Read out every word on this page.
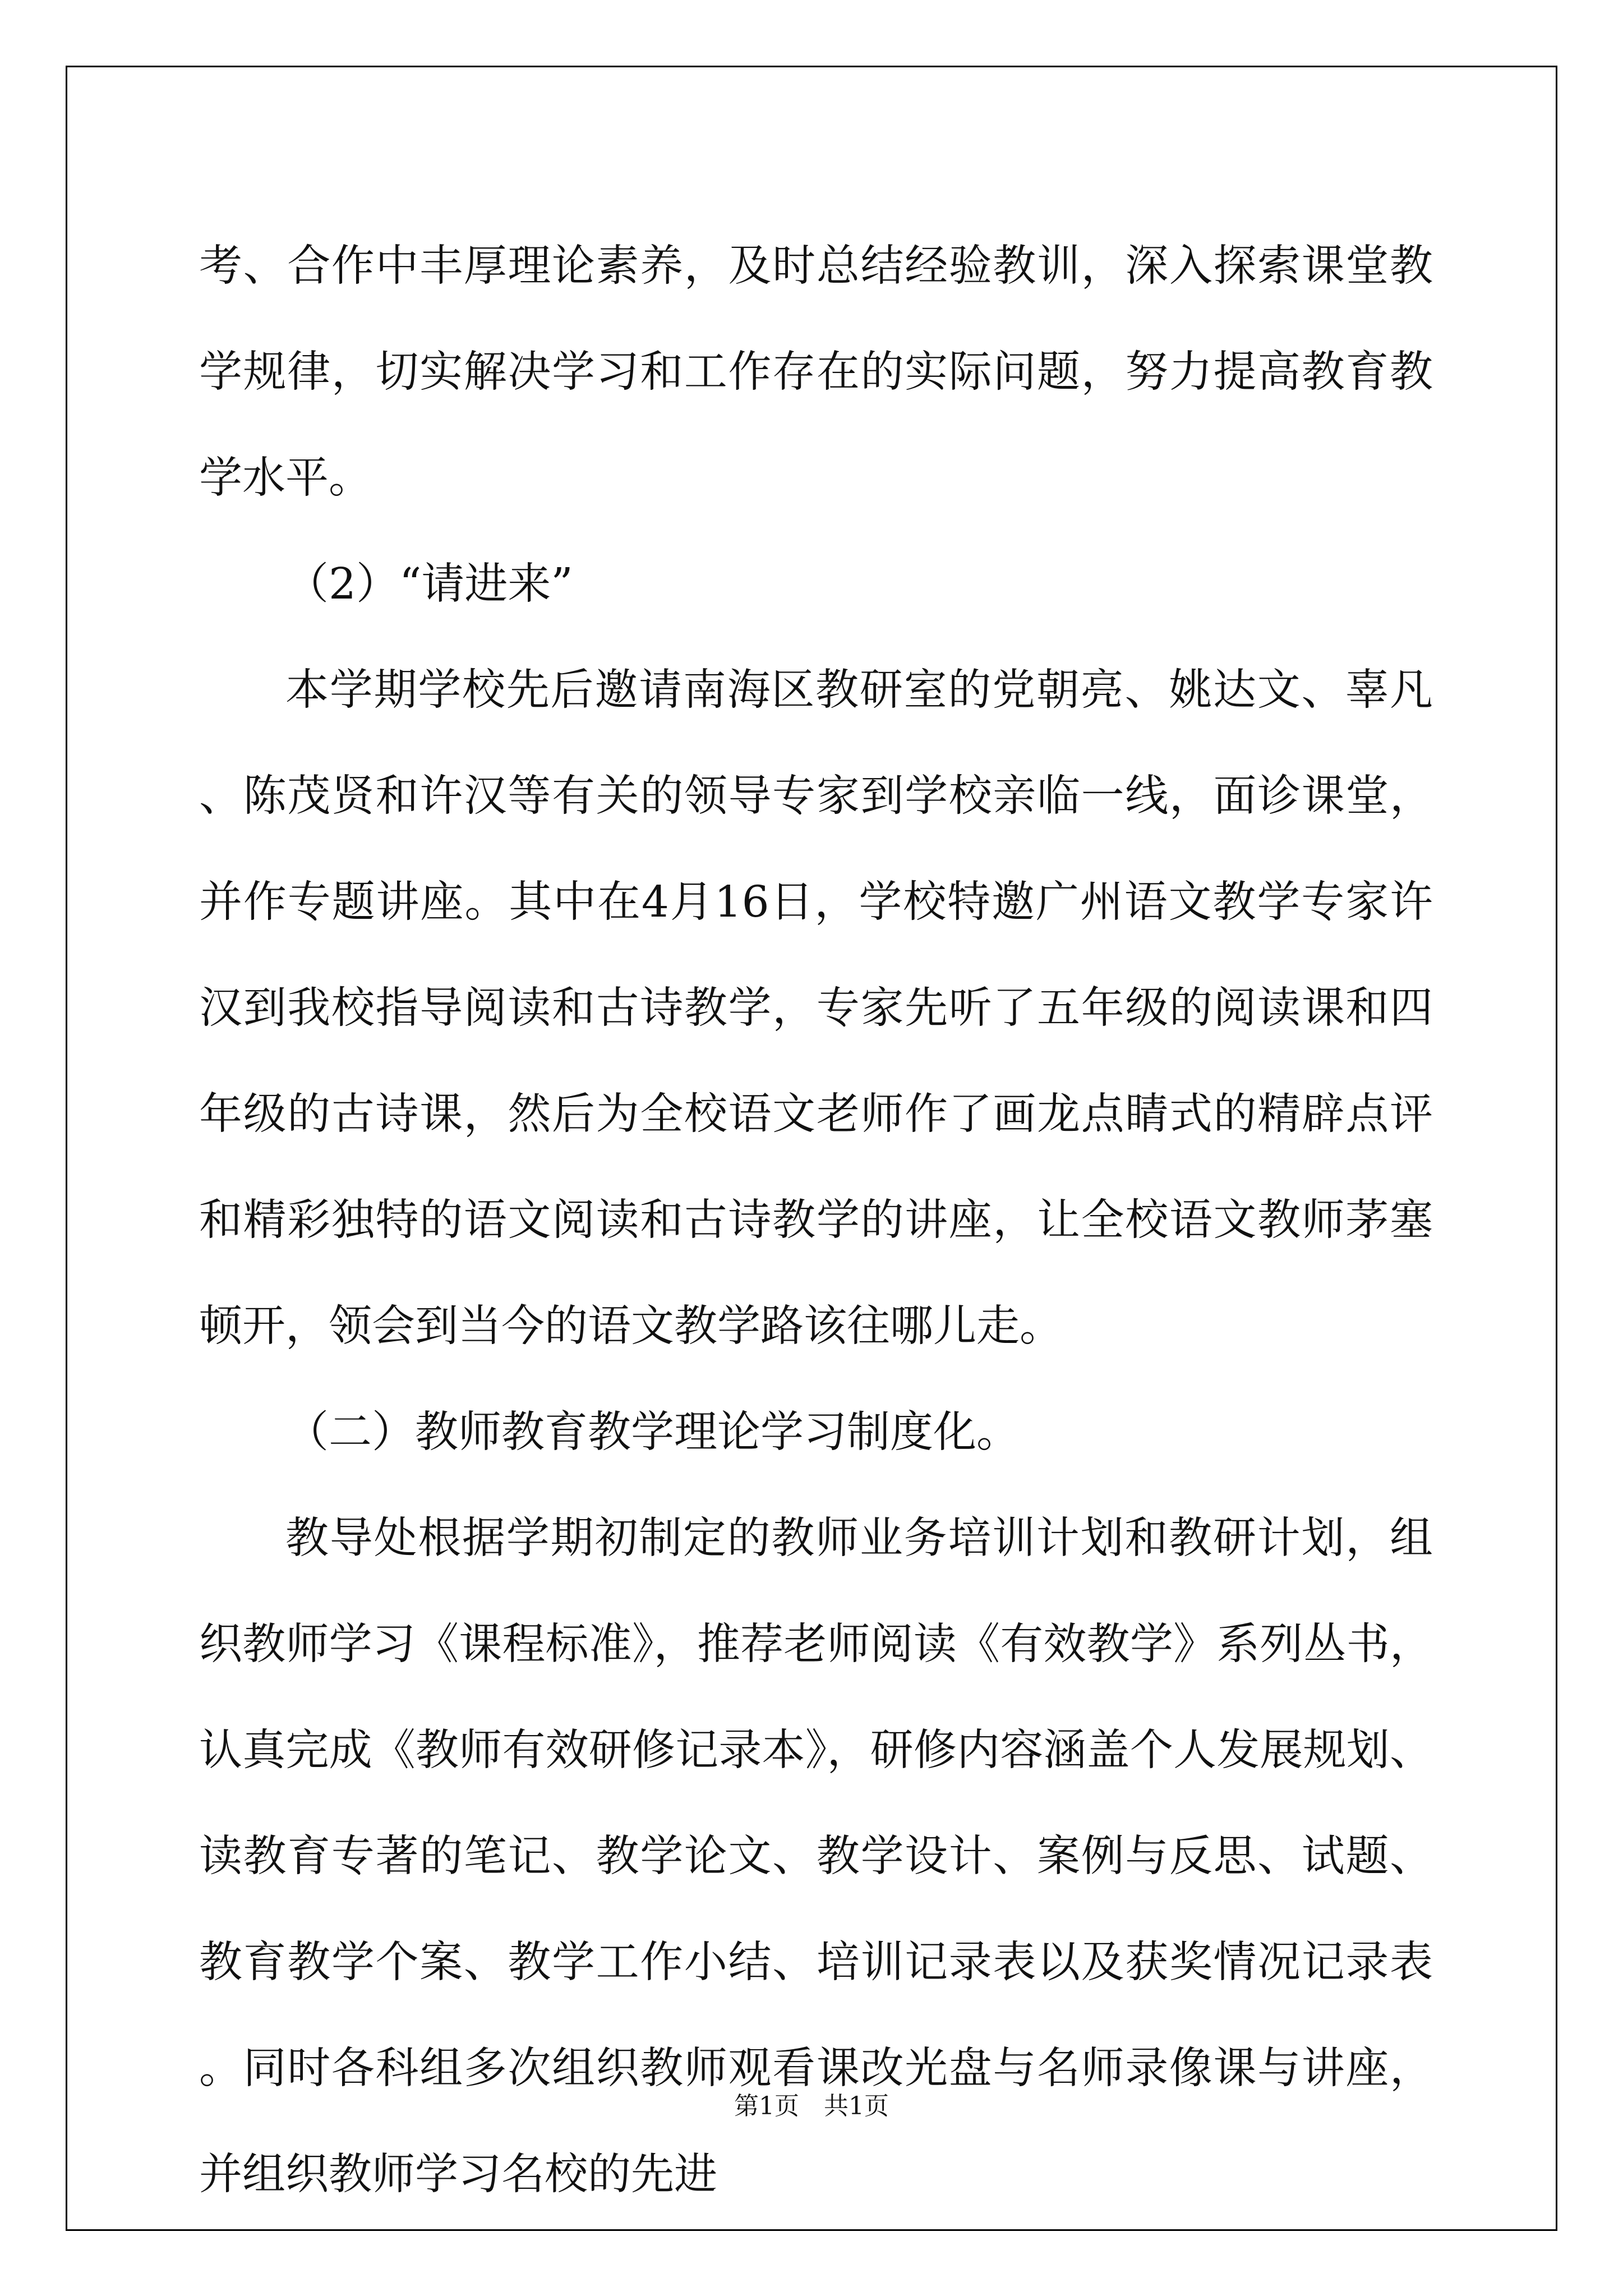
考、合作中丰厚理论素养，及时总结经验教训，深入探索课堂教学规律，切实解决学习和工作存在的实际问题，努力提高教育教学水平。

（2）“请进来”

本学期学校先后邀请南海区教研室的党朝亮、姚达文、辜凡、陈茂贤和许汉等有关的领导专家到学校亲临一线，面诊课堂，并作专题讲座。其中在4月16日，学校特邀广州语文教学专家许汉到我校指导阅读和古诗教学，专家先听了五年级的阅读课和四年级的古诗课，然后为全校语文老师作了画龙点睛式的精辟点评和精彩独特的语文阅读和古诗教学的讲座，让全校语文教师茅塞顿开，领会到当今的语文教学路该往哪儿走。

（二）教师教育教学理论学习制度化。

教导处根据学期初制定的教师业务培训计划和教研计划，组织教师学习《课程标准》，推荐老师阅读《有效教学》系列丛书，认真完成《教师有效研修记录本》，研修内容涵盖个人发展规划、读教育专著的笔记、教学论文、教学设计、案例与反思、试题、教育教学个案、教学工作小结、培训记录表以及获奖情况记录表。同时各科组多次组织教师观看课改光盘与名师录像课与讲座，并组织教师学习名校的先进

第1页 共1页
